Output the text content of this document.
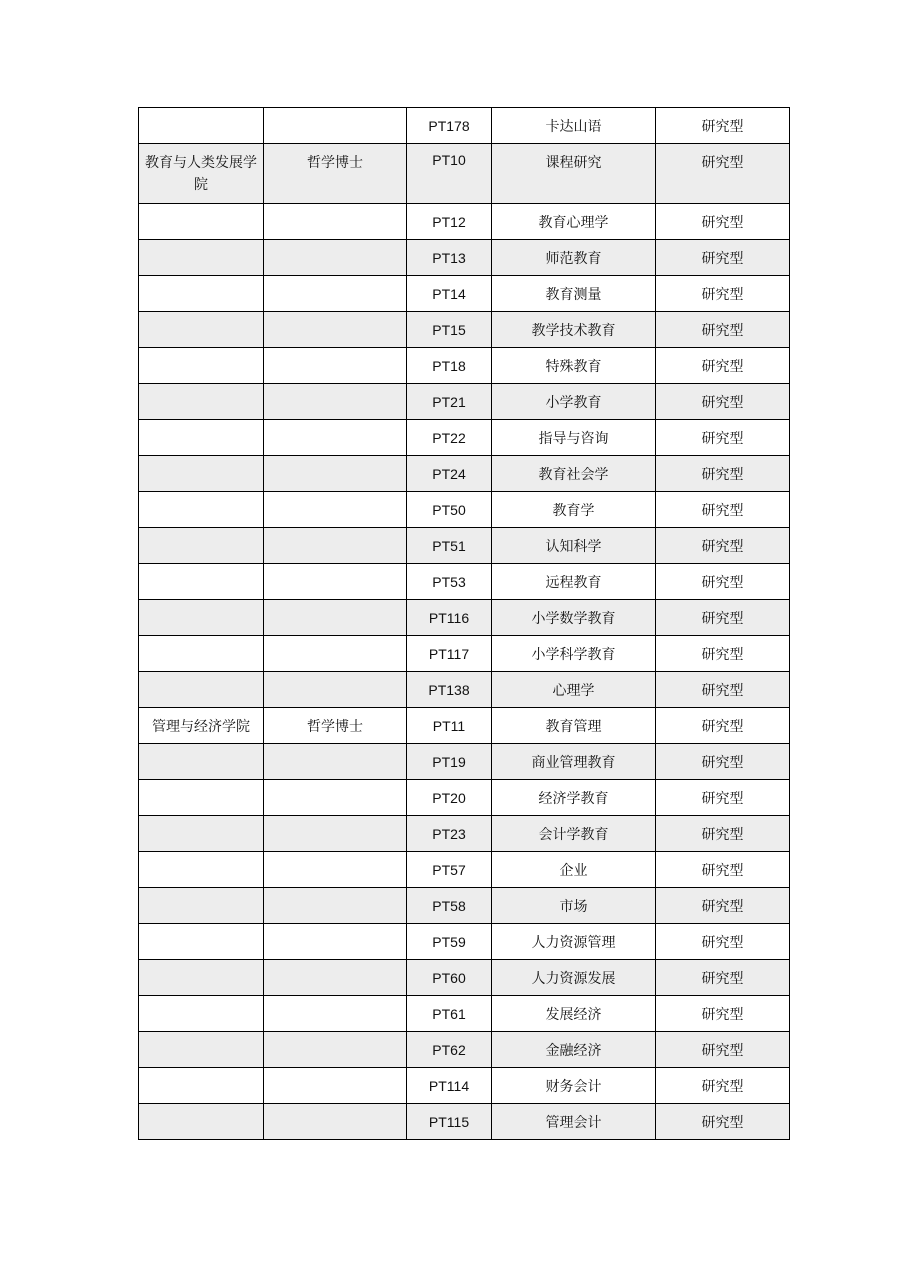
		PT178	卡达山语	研究型
教育与人类发展学院	哲学博士	PT10	课程研究	研究型
		PT12	教育心理学	研究型
		PT13	师范教育	研究型
		PT14	教育测量	研究型
		PT15	教学技术教育	研究型
		PT18	特殊教育	研究型
		PT21	小学教育	研究型
		PT22	指导与咨询	研究型
		PT24	教育社会学	研究型
		PT50	教育学	研究型
		PT51	认知科学	研究型
		PT53	远程教育	研究型
		PT116	小学数学教育	研究型
		PT117	小学科学教育	研究型
		PT138	心理学	研究型
管理与经济学院	哲学博士	PT11	教育管理	研究型
		PT19	商业管理教育	研究型
		PT20	经济学教育	研究型
		PT23	会计学教育	研究型
		PT57	企业	研究型
		PT58	市场	研究型
		PT59	人力资源管理	研究型
		PT60	人力资源发展	研究型
		PT61	发展经济	研究型
		PT62	金融经济	研究型
		PT114	财务会计	研究型
		PT115	管理会计	研究型
